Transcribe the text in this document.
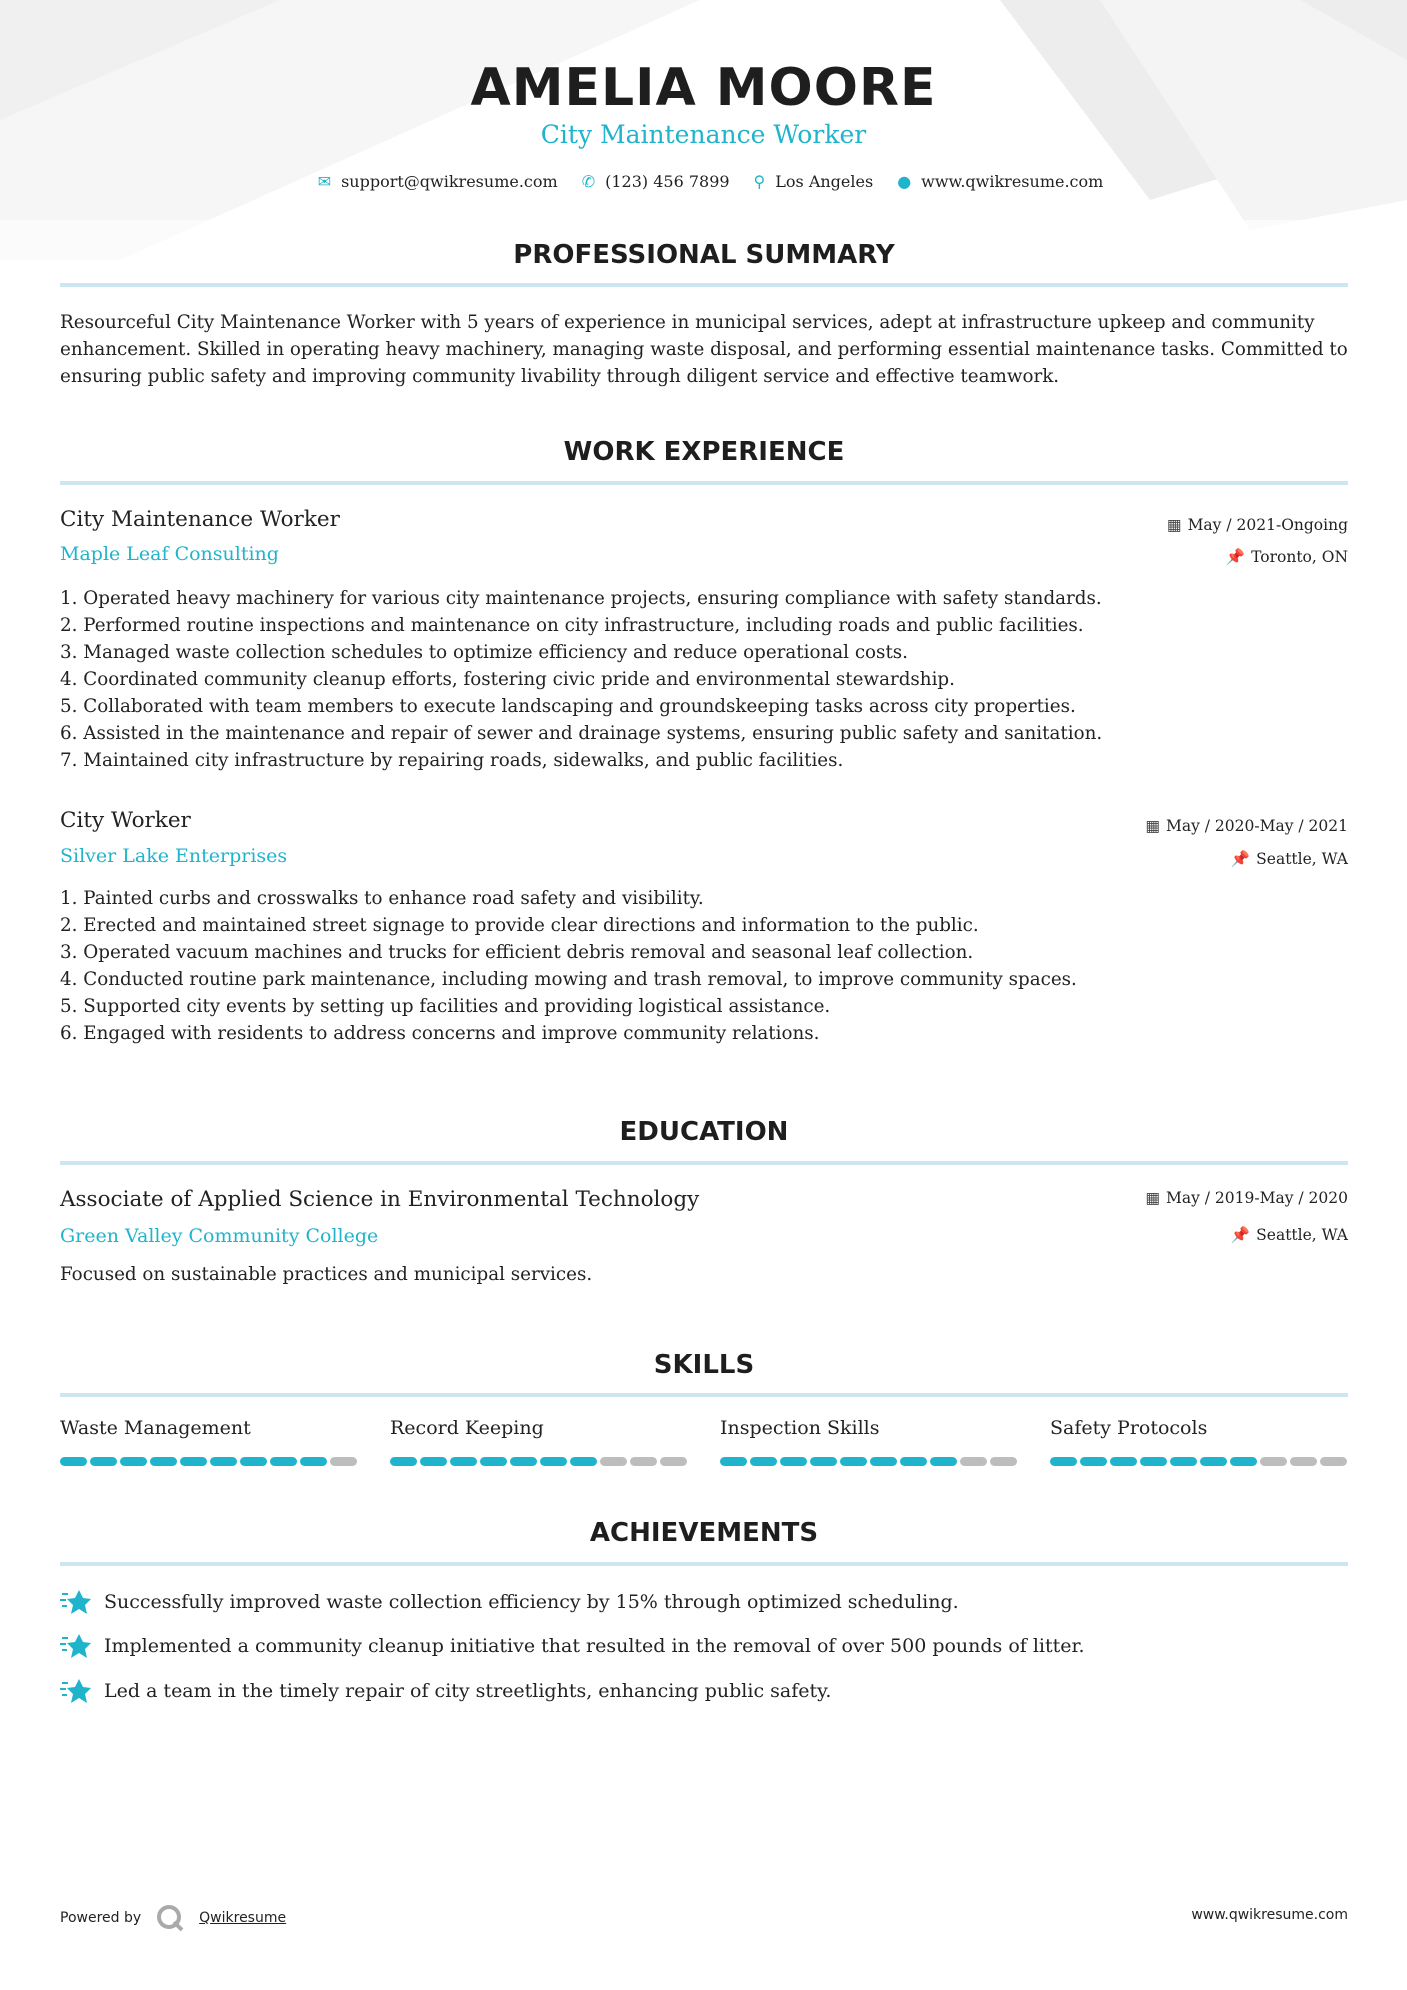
AMELIA MOORE
City Maintenance Worker
✉ support@qwikresume.com ✆ (123) 456 7899 ⚲ Los Angeles ● www.qwikresume.com
PROFESSIONAL SUMMARY
Resourceful City Maintenance Worker with 5 years of experience in municipal services, adept at infrastructure upkeep and community enhancement. Skilled in operating heavy machinery, managing waste disposal, and performing essential maintenance tasks. Committed to ensuring public safety and improving community livability through diligent service and effective teamwork.
WORK EXPERIENCE
City Maintenance Worker
Maple Leaf Consulting
▦ May / 2021-Ongoing
📌 Toronto, ON
1. Operated heavy machinery for various city maintenance projects, ensuring compliance with safety standards.
2. Performed routine inspections and maintenance on city infrastructure, including roads and public facilities.
3. Managed waste collection schedules to optimize efficiency and reduce operational costs.
4. Coordinated community cleanup efforts, fostering civic pride and environmental stewardship.
5. Collaborated with team members to execute landscaping and groundskeeping tasks across city properties.
6. Assisted in the maintenance and repair of sewer and drainage systems, ensuring public safety and sanitation.
7. Maintained city infrastructure by repairing roads, sidewalks, and public facilities.
City Worker
Silver Lake Enterprises
▦ May / 2020-May / 2021
📌 Seattle, WA
1. Painted curbs and crosswalks to enhance road safety and visibility.
2. Erected and maintained street signage to provide clear directions and information to the public.
3. Operated vacuum machines and trucks for efficient debris removal and seasonal leaf collection.
4. Conducted routine park maintenance, including mowing and trash removal, to improve community spaces.
5. Supported city events by setting up facilities and providing logistical assistance.
6. Engaged with residents to address concerns and improve community relations.
EDUCATION
Associate of Applied Science in Environmental Technology
Green Valley Community College
▦ May / 2019-May / 2020
📌 Seattle, WA
Focused on sustainable practices and municipal services.
SKILLS
Waste Management	Record Keeping	Inspection Skills	Safety Protocols
ACHIEVEMENTS
Successfully improved waste collection efficiency by 15% through optimized scheduling.
Implemented a community cleanup initiative that resulted in the removal of over 500 pounds of litter.
Led a team in the timely repair of city streetlights, enhancing public safety.
Powered by	Qwikresume	www.qwikresume.com
